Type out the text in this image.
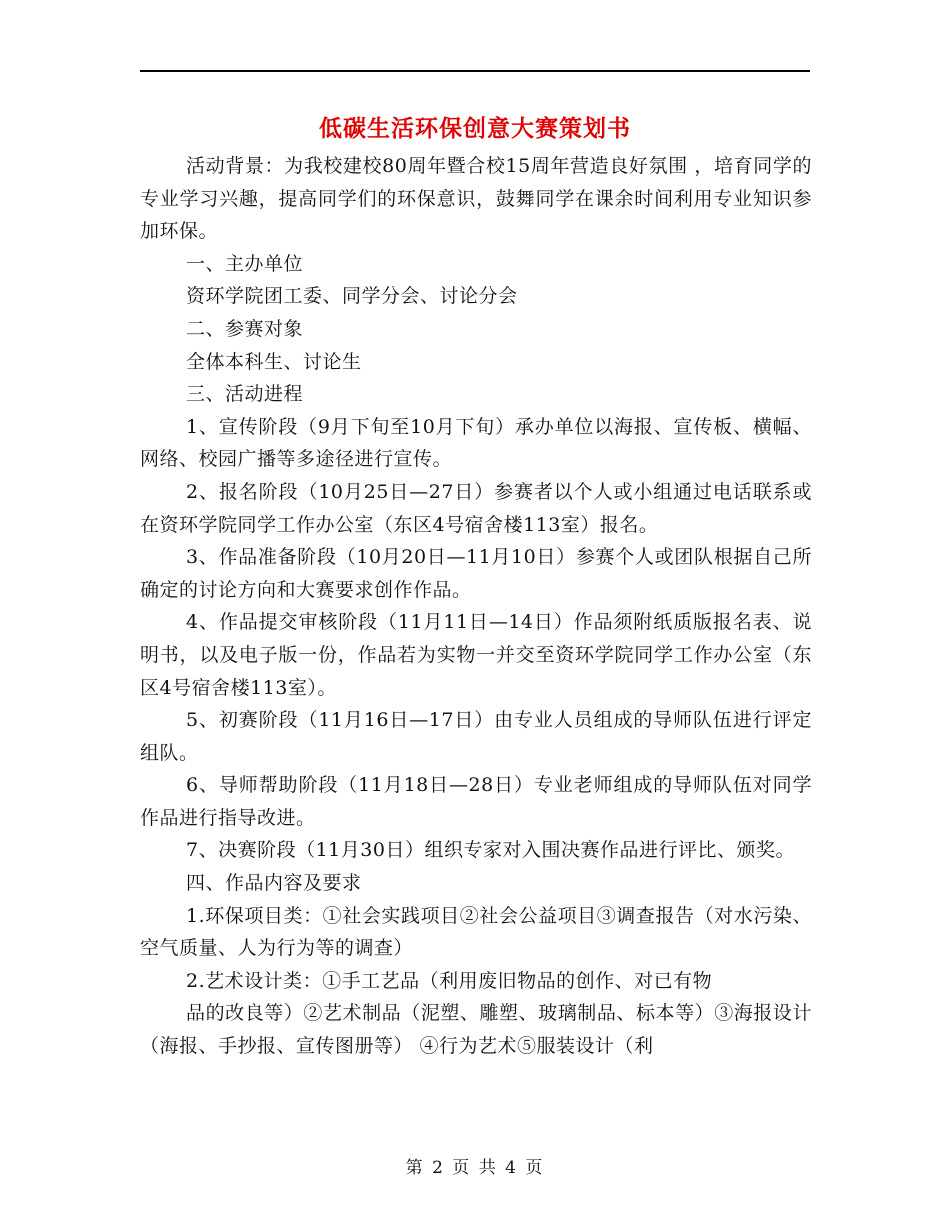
低碳生活环保创意大赛策划书

活动背景：为我校建校80周年暨合校15周年营造良好氛围 ，培育同学的专业学习兴趣，提高同学们的环保意识，鼓舞同学在课余时间利用专业知识参加环保。

一、主办单位

资环学院团工委、同学分会、讨论分会

二、参赛对象

全体本科生、讨论生

三、活动进程

1、宣传阶段（9月下旬至10月下旬）承办单位以海报、宣传板、横幅、网络、校园广播等多途径进行宣传。

2、报名阶段（10月25日—27日）参赛者以个人或小组通过电话联系或在资环学院同学工作办公室（东区4号宿舍楼113室）报名。

3、作品准备阶段（10月20日—11月10日）参赛个人或团队根据自己所确定的讨论方向和大赛要求创作作品。

4、作品提交审核阶段（11月11日—14日）作品须附纸质版报名表、说明书，以及电子版一份，作品若为实物一并交至资环学院同学工作办公室（东区4号宿舍楼113室）。

5、初赛阶段（11月16日—17日）由专业人员组成的导师队伍进行评定组队。

6、导师帮助阶段（11月18日—28日）专业老师组成的导师队伍对同学作品进行指导改进。

7、决赛阶段（11月30日）组织专家对入围决赛作品进行评比、颁奖。

四、作品内容及要求

1.环保项目类：①社会实践项目②社会公益项目③调查报告（对水污染、空气质量、人为行为等的调查）

2.艺术设计类：①手工艺品（利用废旧物品的创作、对已有物

品的改良等）②艺术制品（泥塑、雕塑、玻璃制品、标本等）③海报设计（海报、手抄报、宣传图册等） ④行为艺术⑤服装设计（利

第 2 页 共 4 页
